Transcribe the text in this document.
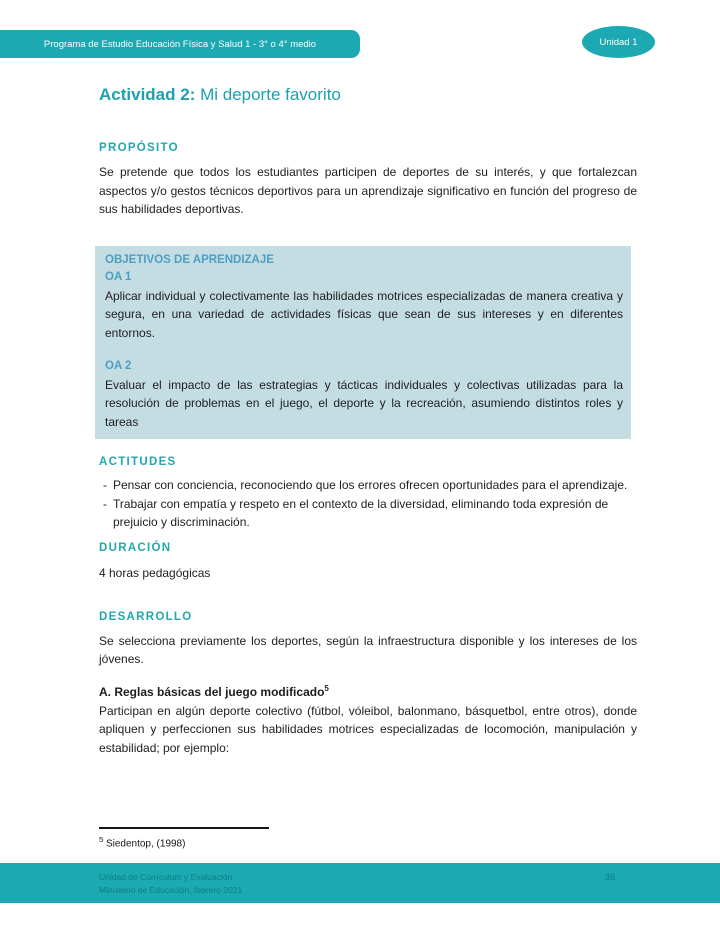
Programa de Estudio Educación Física y Salud 1 - 3° o 4° medio	Unidad 1
Actividad 2: Mi deporte favorito
PROPÓSITO

Se pretende que todos los estudiantes participen de deportes de su interés, y que fortalezcan aspectos y/o gestos técnicos deportivos para un aprendizaje significativo en función del progreso de sus habilidades deportivas.

OBJETIVOS DE APRENDIZAJE
OA 1
Aplicar individual y colectivamente las habilidades motrices especializadas de manera creativa y segura, en una variedad de actividades físicas que sean de sus intereses y en diferentes entornos.
OA 2
Evaluar el impacto de las estrategias y tácticas individuales y colectivas utilizadas para la resolución de problemas en el juego, el deporte y la recreación, asumiendo distintos roles y tareas
ACTITUDES
- Pensar con conciencia, reconociendo que los errores ofrecen oportunidades para el aprendizaje.
- Trabajar con empatía y respeto en el contexto de la diversidad, eliminando toda expresión de prejuicio y discriminación.
DURACIÓN
4 horas pedagógicas
DESARROLLO

Se selecciona previamente los deportes, según la infraestructura disponible y los intereses de los jóvenes.

A. Reglas básicas del juego modificado$^5$

Participan en algún deporte colectivo (fútbol, vóleibol, balonmano, básquetbol, entre otros), donde apliquen y perfeccionen sus habilidades motrices especializadas de locomoción, manipulación y estabilidad; por ejemplo:

$^5$ Siedentop, (1998)
Unidad de Currículum y Evaluación
Ministerio de Educación, febrero 2021
36
